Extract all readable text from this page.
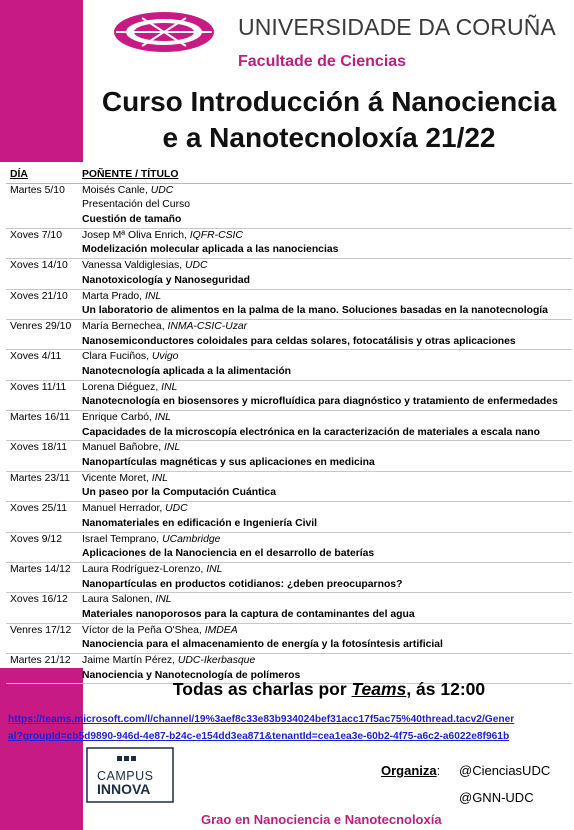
UNIVERSIDADE DA CORUÑA
Facultade de Ciencias
Curso Introducción á Nanociencia
e a Nanotecnoloxía 21/22
DÍA	POÑENTE / TÍTULO
Martes 5/10	Moisés Canle, UDC
Presentación del Curso
Cuestión de tamaño
Xoves 7/10	Josep Mª Oliva Enrich, IQFR-CSIC
Modelización molecular aplicada a las nanociencias
Xoves 14/10	Vanessa Valdiglesias, UDC
Nanotoxicología y Nanoseguridad
Xoves 21/10	Marta Prado, INL
Un laboratorio de alimentos en la palma de la mano. Soluciones basadas en la nanotecnología
Venres 29/10	María Bernechea, INMA-CSIC-Uzar
Nanosemiconductores coloidales para celdas solares, fotocatálisis y otras aplicaciones
Xoves 4/11	Clara Fuciños, Uvigo
Nanotecnología aplicada a la alimentación
Xoves 11/11	Lorena Diéguez, INL
Nanotecnología en biosensores y microfluídica para diagnóstico y tratamiento de enfermedades
Martes 16/11	Enrique Carbó, INL
Capacidades de la microscopía electrónica en la caracterización de materiales a escala nano
Xoves 18/11	Manuel Bañobre, INL
Nanopartículas magnéticas y sus aplicaciones en medicina
Martes 23/11	Vicente Moret, INL
Un paseo por la Computación Cuántica
Xoves 25/11	Manuel Herrador, UDC
Nanomateriales en edificación e Ingeniería Civil
Xoves 9/12	Israel Temprano, UCambridge
Aplicaciones de la Nanociencia en el desarrollo de baterías
Martes 14/12	Laura Rodríguez-Lorenzo, INL
Nanopartículas en productos cotidianos: ¿deben preocuparnos?
Xoves 16/12	Laura Salonen, INL
Materiales nanoporosos para la captura de contaminantes del agua
Venres 17/12	Víctor de la Peña O'Shea, IMDEA
Nanociencia para el almacenamiento de energía y la fotosíntesis artificial
Martes 21/12	Jaime Martín Pérez, UDC-Ikerbasque
Nanociencia y Nanotecnología de polímeros
Todas as charlas por Teams, ás 12:00
https://teams.microsoft.com/l/channel/19%3aef8c33e83b934024bef31acc17f5ac75%40thread.tacv2/Gener
al?groupId=cb5d9890-946d-4e87-b24c-e154dd3ea871&tenantId=cea1ea3e-60b2-4f75-a6c2-a6022e8f961b
CAMPUS
INNOVA
Organiza: @CienciasUDC
@GNN-UDC
Grao en Nanociencia e Nanotecnoloxía
